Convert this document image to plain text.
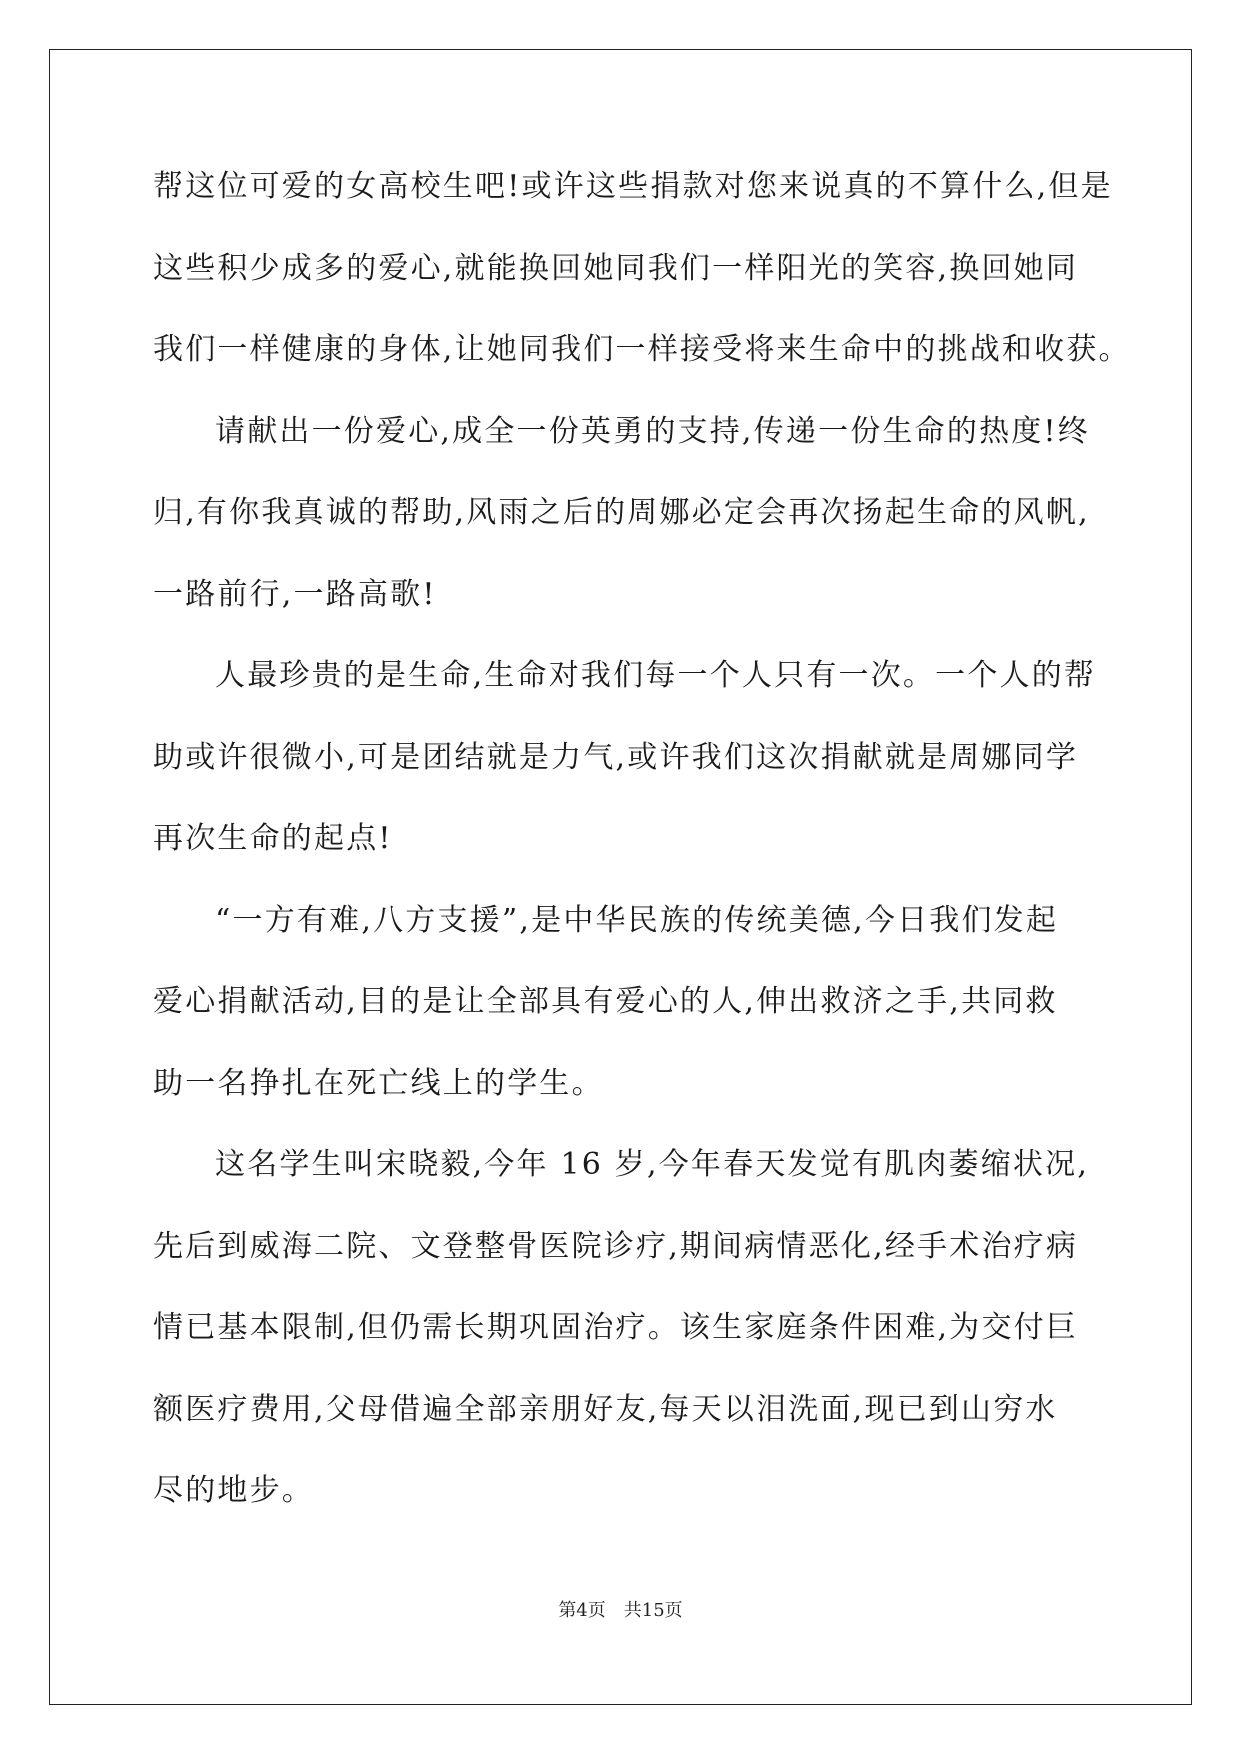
帮这位可爱的女高校生吧!或许这些捐款对您来说真的不算什么,但是
这些积少成多的爱心,就能换回她同我们一样阳光的笑容,换回她同
我们一样健康的身体,让她同我们一样接受将来生命中的挑战和收获。
请献出一份爱心,成全一份英勇的支持,传递一份生命的热度!终
归,有你我真诚的帮助,风雨之后的周娜必定会再次扬起生命的风帆,
一路前行,一路高歌!
人最珍贵的是生命,生命对我们每一个人只有一次。一个人的帮
助或许很微小,可是团结就是力气,或许我们这次捐献就是周娜同学
再次生命的起点!
“一方有难,八方支援”,是中华民族的传统美德,今日我们发起
爱心捐献活动,目的是让全部具有爱心的人,伸出救济之手,共同救
助一名挣扎在死亡线上的学生。
这名学生叫宋晓毅,今年 16 岁,今年春天发觉有肌肉萎缩状况,
先后到威海二院、文登整骨医院诊疗,期间病情恶化,经手术治疗病
情已基本限制,但仍需长期巩固治疗。该生家庭条件困难,为交付巨
额医疗费用,父母借遍全部亲朋好友,每天以泪洗面,现已到山穷水
尽的地步。
第4页 共15页
